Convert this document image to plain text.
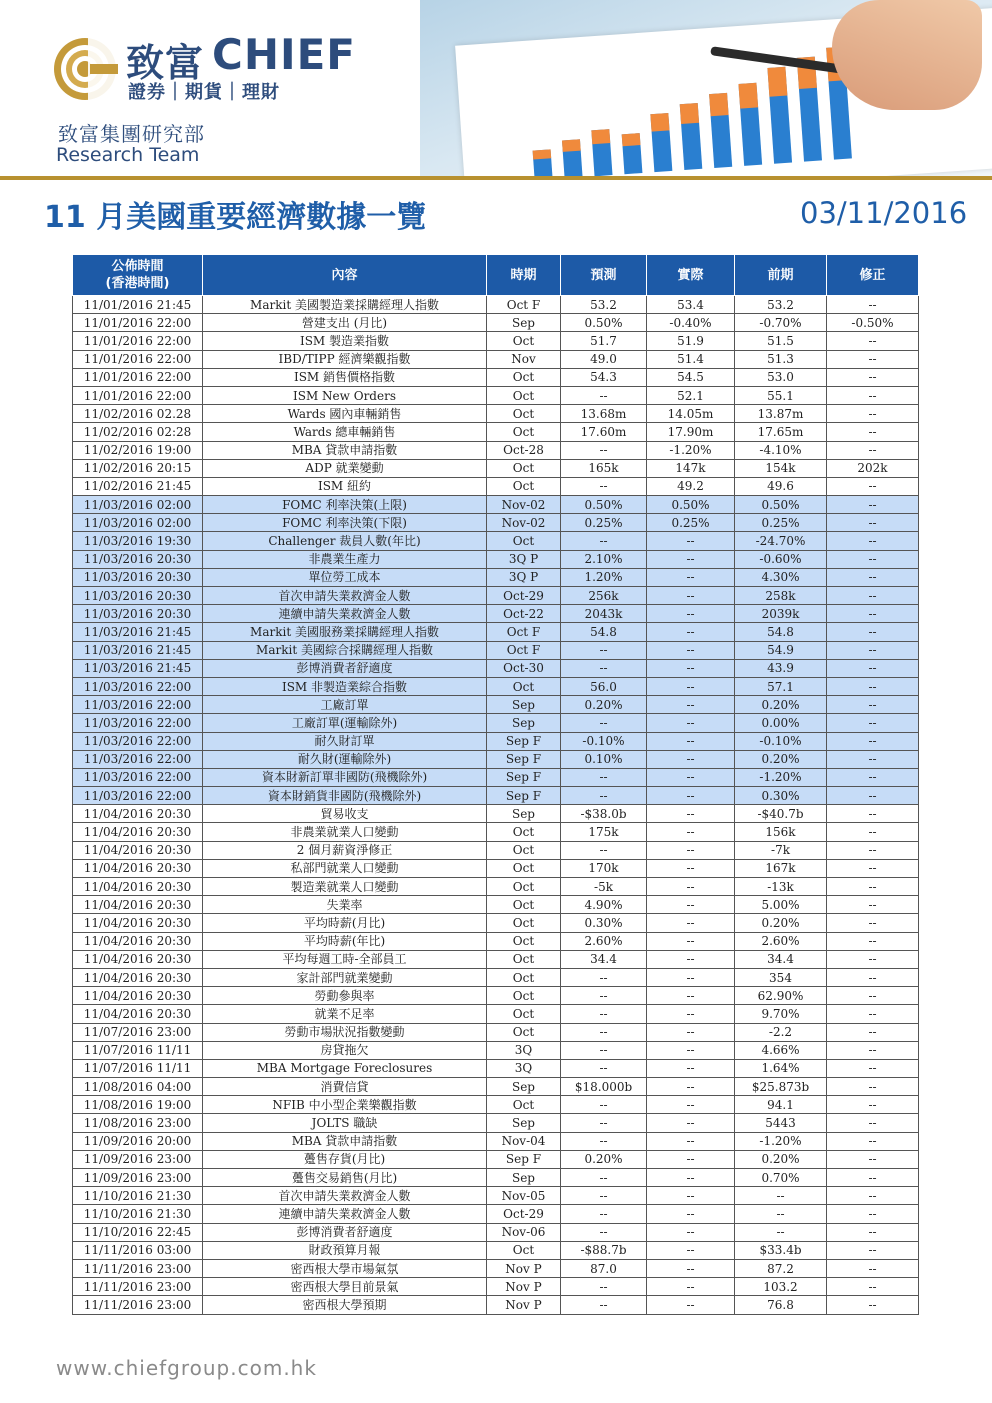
致富 CHIEF
證券｜期貨｜理財
致富集團研究部
Research Team
11 月美國重要經濟數據一覽	03/11/2016
公佈時間
(香港時間)	內容	時期	預測	實際	前期	修正
11/01/2016 21:45	Markit 美國製造業採購經理人指數	Oct F	53.2	53.4	53.2	--
11/01/2016 22:00	營建支出 (月比)	Sep	0.50%	-0.40%	-0.70%	-0.50%
11/01/2016 22:00	ISM 製造業指數	Oct	51.7	51.9	51.5	--
11/01/2016 22:00	IBD/TIPP 經濟樂觀指數	Nov	49.0	51.4	51.3	--
11/01/2016 22:00	ISM 銷售價格指數	Oct	54.3	54.5	53.0	--
11/01/2016 22:00	ISM New Orders	Oct	--	52.1	55.1	--
11/02/2016 02.28	Wards 國內車輛銷售	Oct	13.68m	14.05m	13.87m	--
11/02/2016 02:28	Wards 總車輛銷售	Oct	17.60m	17.90m	17.65m	--
11/02/2016 19:00	MBA 貸款申請指數	Oct-28	--	-1.20%	-4.10%	--
11/02/2016 20:15	ADP 就業變動	Oct	165k	147k	154k	202k
11/02/2016 21:45	ISM 紐約	Oct	--	49.2	49.6	--
11/03/2016 02:00	FOMC 利率決策(上限)	Nov-02	0.50%	0.50%	0.50%	--
11/03/2016 02:00	FOMC 利率決策(下限)	Nov-02	0.25%	0.25%	0.25%	--
11/03/2016 19:30	Challenger 裁員人數(年比)	Oct	--	--	-24.70%	--
11/03/2016 20:30	非農業生產力	3Q P	2.10%	--	-0.60%	--
11/03/2016 20:30	單位勞工成本	3Q P	1.20%	--	4.30%	--
11/03/2016 20:30	首次申請失業救濟金人數	Oct-29	256k	--	258k	--
11/03/2016 20:30	連續申請失業救濟金人數	Oct-22	2043k	--	2039k	--
11/03/2016 21:45	Markit 美國服務業採購經理人指數	Oct F	54.8	--	54.8	--
11/03/2016 21:45	Markit 美國綜合採購經理人指數	Oct F	--	--	54.9	--
11/03/2016 21:45	彭博消費者舒適度	Oct-30	--	--	43.9	--
11/03/2016 22:00	ISM 非製造業綜合指數	Oct	56.0	--	57.1	--
11/03/2016 22:00	工廠訂單	Sep	0.20%	--	0.20%	--
11/03/2016 22:00	工廠訂單(運輸除外)	Sep	--	--	0.00%	--
11/03/2016 22:00	耐久財訂單	Sep F	-0.10%	--	-0.10%	--
11/03/2016 22:00	耐久財(運輸除外)	Sep F	0.10%	--	0.20%	--
11/03/2016 22:00	資本財新訂單非國防(飛機除外)	Sep F	--	--	-1.20%	--
11/03/2016 22:00	資本財銷貨非國防(飛機除外)	Sep F	--	--	0.30%	--
11/04/2016 20:30	貿易收支	Sep	-$38.0b	--	-$40.7b	--
11/04/2016 20:30	非農業就業人口變動	Oct	175k	--	156k	--
11/04/2016 20:30	2 個月薪資淨修正	Oct	--	--	-7k	--
11/04/2016 20:30	私部門就業人口變動	Oct	170k	--	167k	--
11/04/2016 20:30	製造業就業人口變動	Oct	-5k	--	-13k	--
11/04/2016 20:30	失業率	Oct	4.90%	--	5.00%	--
11/04/2016 20:30	平均時薪(月比)	Oct	0.30%	--	0.20%	--
11/04/2016 20:30	平均時薪(年比)	Oct	2.60%	--	2.60%	--
11/04/2016 20:30	平均每週工時-全部員工	Oct	34.4	--	34.4	--
11/04/2016 20:30	家計部門就業變動	Oct	--	--	354	--
11/04/2016 20:30	勞動參與率	Oct	--	--	62.90%	--
11/04/2016 20:30	就業不足率	Oct	--	--	9.70%	--
11/07/2016 23:00	勞動市場狀況指數變動	Oct	--	--	-2.2	--
11/07/2016 11/11	房貸拖欠	3Q	--	--	4.66%	--
11/07/2016 11/11	MBA Mortgage Foreclosures	3Q	--	--	1.64%	--
11/08/2016 04:00	消費信貸	Sep	$18.000b	--	$25.873b	--
11/08/2016 19:00	NFIB 中小型企業樂觀指數	Oct	--	--	94.1	--
11/08/2016 23:00	JOLTS 職缺	Sep	--	--	5443	--
11/09/2016 20:00	MBA 貸款申請指數	Nov-04	--	--	-1.20%	--
11/09/2016 23:00	躉售存貨(月比)	Sep F	0.20%	--	0.20%	--
11/09/2016 23:00	躉售交易銷售(月比)	Sep	--	--	0.70%	--
11/10/2016 21:30	首次申請失業救濟金人數	Nov-05	--	--	--	--
11/10/2016 21:30	連續申請失業救濟金人數	Oct-29	--	--	--	--
11/10/2016 22:45	彭博消費者舒適度	Nov-06	--	--	--	--
11/11/2016 03:00	財政預算月報	Oct	-$88.7b	--	$33.4b	--
11/11/2016 23:00	密西根大學市場氣氛	Nov P	87.0	--	87.2	--
11/11/2016 23:00	密西根大學目前景氣	Nov P	--	--	103.2	--
11/11/2016 23:00	密西根大學預期	Nov P	--	--	76.8	--
www.chiefgroup.com.hk
